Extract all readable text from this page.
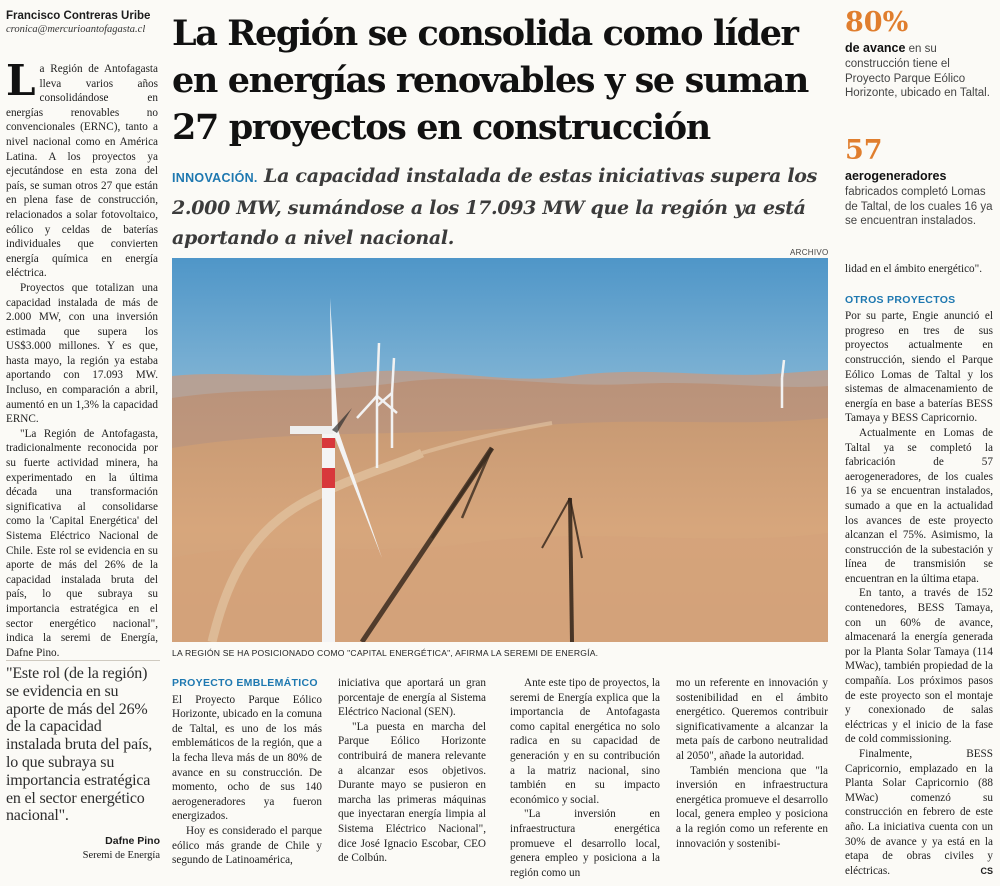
Francisco Contreras Uribe
cronica@mercurioantofagasta.cl La Región se consolida como líder en energías renovables y se suman 27 proyectos en construcción
INNOVACIÓN. La capacidad instalada de estas iniciativas supera los 2.000 MW, sumándose a los 17.093 MW que la región ya está aportando a nivel nacional.

La Región de Antofagasta lleva varios años consolidándose en energías renovables no convencionales (ERNC), tanto a nivel nacional como en América Latina. A los proyectos ya ejecutándose en esta zona del país, se suman otros 27 que están en plena fase de construcción, relacionados a solar fotovoltaico, eólico y celdas de baterías individuales que convierten energía química en energía eléctrica.

Proyectos que totalizan una capacidad instalada de más de 2.000 MW, con una inversión estimada que supera los US$3.000 millones. Y es que, hasta mayo, la región ya estaba aportando con 17.093 MW. Incluso, en comparación a abril, aumentó en un 1,3% la capacidad ERNC.

"La Región de Antofagasta, tradicionalmente reconocida por su fuerte actividad minera, ha experimentado en la última década una transformación significativa al consolidarse como la 'Capital Energética' del Sistema Eléctrico Nacional de Chile. Este rol se evidencia en su aporte de más del 26% de la capacidad instalada bruta del país, lo que subraya su importancia estratégica en el sector energético nacional", indica la seremi de Energía, Dafne Pino.

"Este rol (de la región) se evidencia en su aporte de más del 26% de la capacidad instalada bruta del país, lo que subraya su importancia estratégica en el sector energético nacional".
Dafne Pino
Seremi de Energía
ARCHIVO
LA REGIÓN SE HA POSICIONADO COMO "CAPITAL ENERGÉTICA", AFIRMA LA SEREMI DE ENERGÍA.
80%
de avance en su construcción tiene el Proyecto Parque Eólico Horizonte, ubicado en Taltal.
57
aerogeneradores fabricados completó Lomas de Taltal, de los cuales 16 ya se encuentran instalados.

lidad en el ámbito energético".

OTROS PROYECTOS

Por su parte, Engie anunció el progreso en tres de sus proyectos actualmente en construcción, siendo el Parque Eólico Lomas de Taltal y los sistemas de almacenamiento de energía en base a baterías BESS Tamaya y BESS Capricornio.

Actualmente en Lomas de Taltal ya se completó la fabricación de 57 aerogeneradores, de los cuales 16 ya se encuentran instalados, sumado a que en la actualidad los avances de este proyecto alcanzan el 75%. Asimismo, la construcción de la subestación y línea de transmisión se encuentran en la última etapa.

En tanto, a través de 152 contenedores, BESS Tamaya, con un 60% de avance, almacenará la energía generada por la Planta Solar Tamaya (114 MWac), también propiedad de la compañía. Los próximos pasos de este proyecto son el montaje y conexionado de salas eléctricas y el inicio de la fase de cold commissioning.

Finalmente, BESS Capricornio, emplazado en la Planta Solar Capricornio (88 MWac) comenzó su construcción en febrero de este año. La iniciativa cuenta con un 30% de avance y ya está en la etapa de obras civiles y eléctricas.	CS

PROYECTO EMBLEMÁTICO

El Proyecto Parque Eólico Horizonte, ubicado en la comuna de Taltal, es uno de los más emblemáticos de la región, que a la fecha lleva más de un 80% de avance en su construcción. De momento, ocho de sus 140 aerogeneradores ya fueron energizados.

Hoy es considerado el parque eólico más grande de Chile y segundo de Latinoamérica,

iniciativa que aportará un gran porcentaje de energía al Sistema Eléctrico Nacional (SEN).

"La puesta en marcha del Parque Eólico Horizonte contribuirá de manera relevante a alcanzar esos objetivos. Durante mayo se pusieron en marcha las primeras máquinas que inyectaran energía limpia al Sistema Eléctrico Nacional", dice José Ignacio Escobar, CEO de Colbún.

Ante este tipo de proyectos, la seremi de Energía explica que la importancia de Antofagasta como capital energética no solo radica en su capacidad de generación y en su contribución a la matriz nacional, sino también en su impacto económico y social.

"La inversión en infraestructura energética promueve el desarrollo local, genera empleo y posiciona a la región como un

mo un referente en innovación y sostenibilidad en el ámbito energético. Queremos contribuir significativamente a alcanzar la meta país de carbono neutralidad al 2050", añade la autoridad.

También menciona que "la inversión en infraestructura energética promueve el desarrollo local, genera empleo y posiciona a la región como un referente en innovación y sostenibi-
